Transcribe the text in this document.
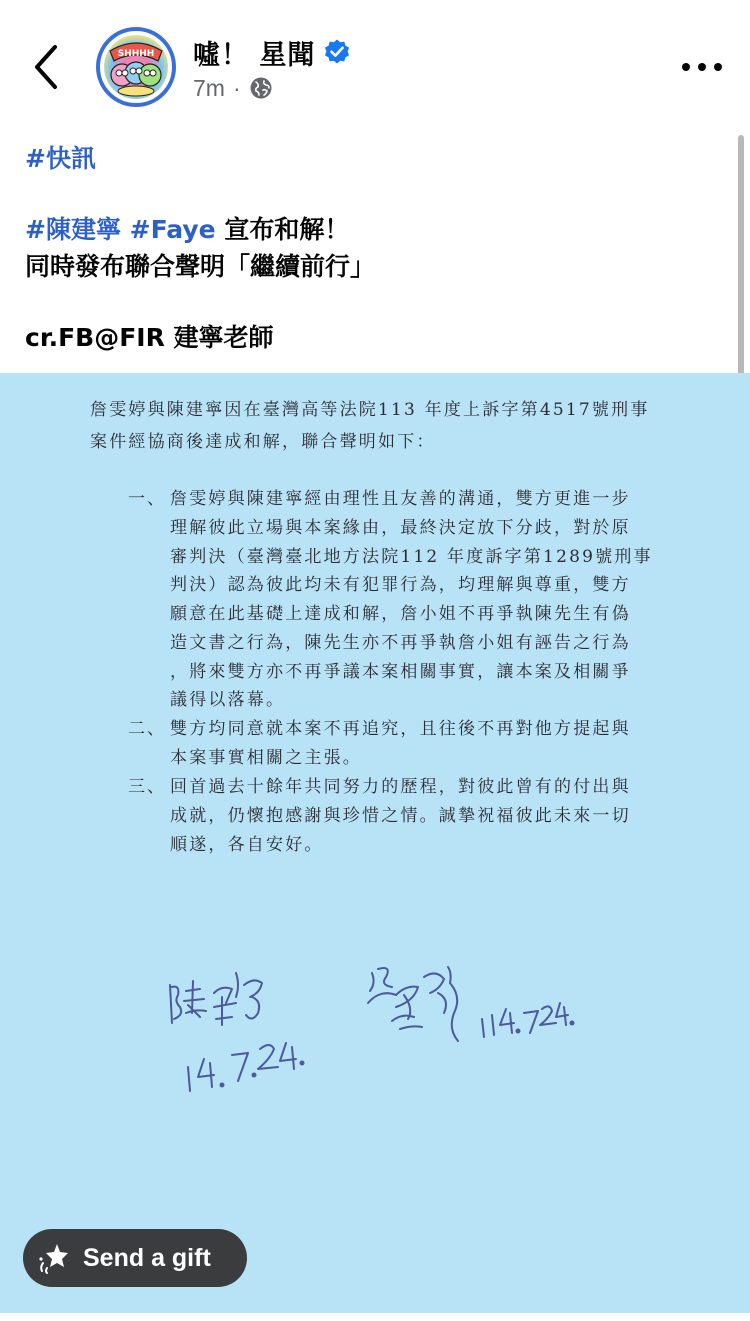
SHHHH 噓！ 星聞
7m ·
#快訊
#陳建寧 #Faye 宣布和解！
同時發布聯合聲明「繼續前行」
cr.FB@FIR 建寧老師
詹雯婷與陳建寧因在臺灣高等法院113 年度上訴字第4517號刑事
案件經協商後達成和解，聯合聲明如下：
一、 詹雯婷與陳建寧經由理性且友善的溝通，雙方更進一步
理解彼此立場與本案緣由，最終決定放下分歧，對於原
審判決（臺灣臺北地方法院112 年度訴字第1289號刑事
判決）認為彼此均未有犯罪行為，均理解與尊重，雙方
願意在此基礎上達成和解，詹小姐不再爭執陳先生有偽
造文書之行為，陳先生亦不再爭執詹小姐有誣告之行為
，將來雙方亦不再爭議本案相關事實，讓本案及相關爭
議得以落幕。
二、 雙方均同意就本案不再追究，且往後不再對他方提起與
本案事實相關之主張。
三、 回首過去十餘年共同努力的歷程，對彼此曾有的付出與
成就，仍懷抱感謝與珍惜之情。誠摯祝福彼此未來一切
順遂，各自安好。
Send a gift
